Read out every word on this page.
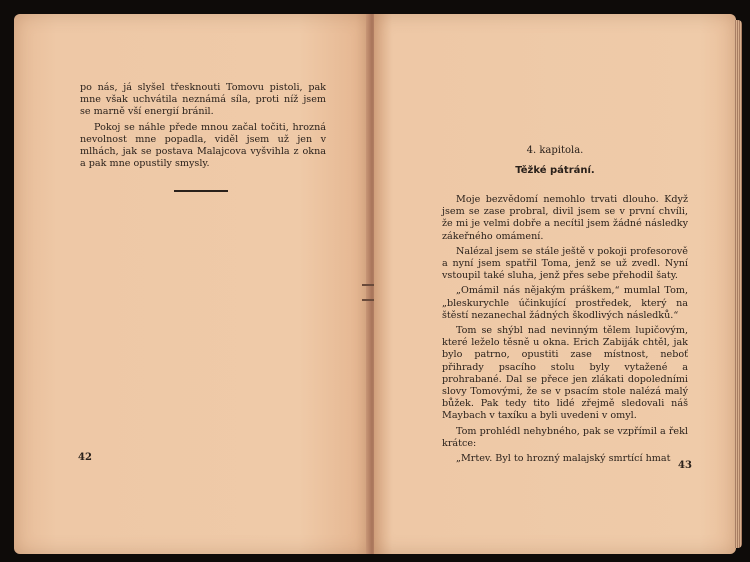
po nás, já slyšel třesknouti Tomovu pistoli, pak mne však uchvátila neznámá síla, proti níž jsem se marně vší energií bránil.

Pokoj se náhle přede mnou začal točiti, hrozná nevolnost mne popadla, viděl jsem už jen v mlhách, jak se postava Malajcova vyšvihla z okna a pak mne opustily smysly.

42
4. kapitola.
Těžké pátrání.

Moje bezvědomí nemohlo trvati dlouho. Když jsem se zase probral, divil jsem se v první chvíli, že mi je velmi dobře a necítil jsem žádné následky zákeřného omámení.

Nalézal jsem se stále ještě v pokoji profesorově a nyní jsem spatřil Toma, jenž se už zvedl. Nyní vstoupil také sluha, jenž přes sebe přehodil šaty.

„Omámil nás nějakým práškem,“ mumlal Tom, „bleskurychle účinkující prostředek, který na štěstí nezanechal žádných škodlivých následků.“

Tom se shýbl nad nevinným tělem lupičovým, které leželo těsně u okna. Erich Zabiják chtěl, jak bylo patrno, opustiti zase místnost, neboť přihrady psacího stolu byly vytažené a prohrabané. Dal se přece jen zlákati dopoledními slovy Tomovými, že se v psacím stole nalézá malý bůžek. Pak tedy tito lidé zřejmě sledovali náš Maybach v taxíku a byli uvedeni v omyl.

Tom prohlédl nehybného, pak se vzpřímil a řekl krátce:

„Mrtev. Byl to hrozný malajský smrtící hmat

43
